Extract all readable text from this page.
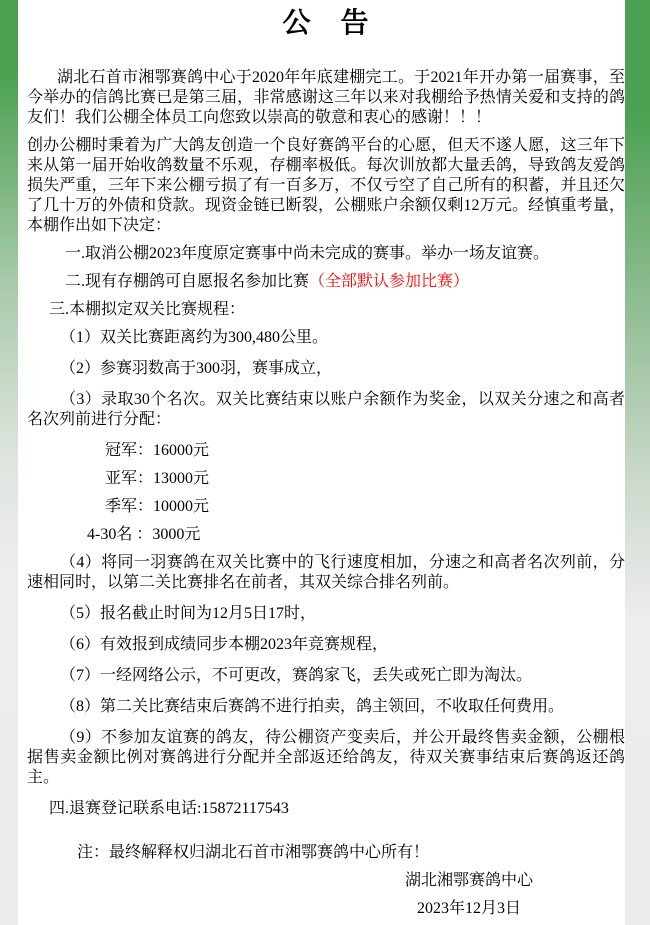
公　告

湖北石首市湘鄂赛鸽中心于2020年年底建棚完工。于2021年开办第一届赛事，至今举办的信鸽比赛已是第三届，非常感谢这三年以来对我棚给予热情关爱和支持的鸽友们！我们公棚全体员工向您致以崇高的敬意和衷心的感谢！！！

创办公棚时秉着为广大鸽友创造一个良好赛鸽平台的心愿，但天不遂人愿，这三年下来从第一届开始收鸽数量不乐观，存棚率极低。每次训放都大量丢鸽，导致鸽友爱鸽损失严重，三年下来公棚亏损了有一百多万，不仅亏空了自己所有的积蓄，并且还欠了几十万的外债和贷款。现资金链已断裂，公棚账户余额仅剩12万元。经慎重考量，本棚作出如下决定：

一.取消公棚2023年度原定赛事中尚未完成的赛事。举办一场友谊赛。

二.现有存棚鸽可自愿报名参加比赛（全部默认参加比赛）

三.本棚拟定双关比赛规程：

（1）双关比赛距离约为300,480公里。

（2）参赛羽数高于300羽，赛事成立，

（3）录取30个名次。双关比赛结束以账户余额作为奖金，以双关分速之和高者名次列前进行分配：

冠军：16000元

亚军：13000元

季军：10000元

4-30名 ：3000元

（4）将同一羽赛鸽在双关比赛中的飞行速度相加，分速之和高者名次列前，分速相同时，以第二关比赛排名在前者，其双关综合排名列前。

（5）报名截止时间为12月5日17时，

（6）有效报到成绩同步本棚2023年竞赛规程，

（7）一经网络公示，不可更改，赛鸽家飞，丢失或死亡即为淘汰。

（8）第二关比赛结束后赛鸽不进行拍卖，鸽主领回，不收取任何费用。

（9）不参加友谊赛的鸽友，待公棚资产变卖后，并公开最终售卖金额，公棚根据售卖金额比例对赛鸽进行分配并全部返还给鸽友，待双关赛事结束后赛鸽返还鸽主。

四.退赛登记联系电话:15872117543

注：最终解释权归湖北石首市湘鄂赛鸽中心所有！

湖北湘鄂赛鸽中心

2023年12月3日
